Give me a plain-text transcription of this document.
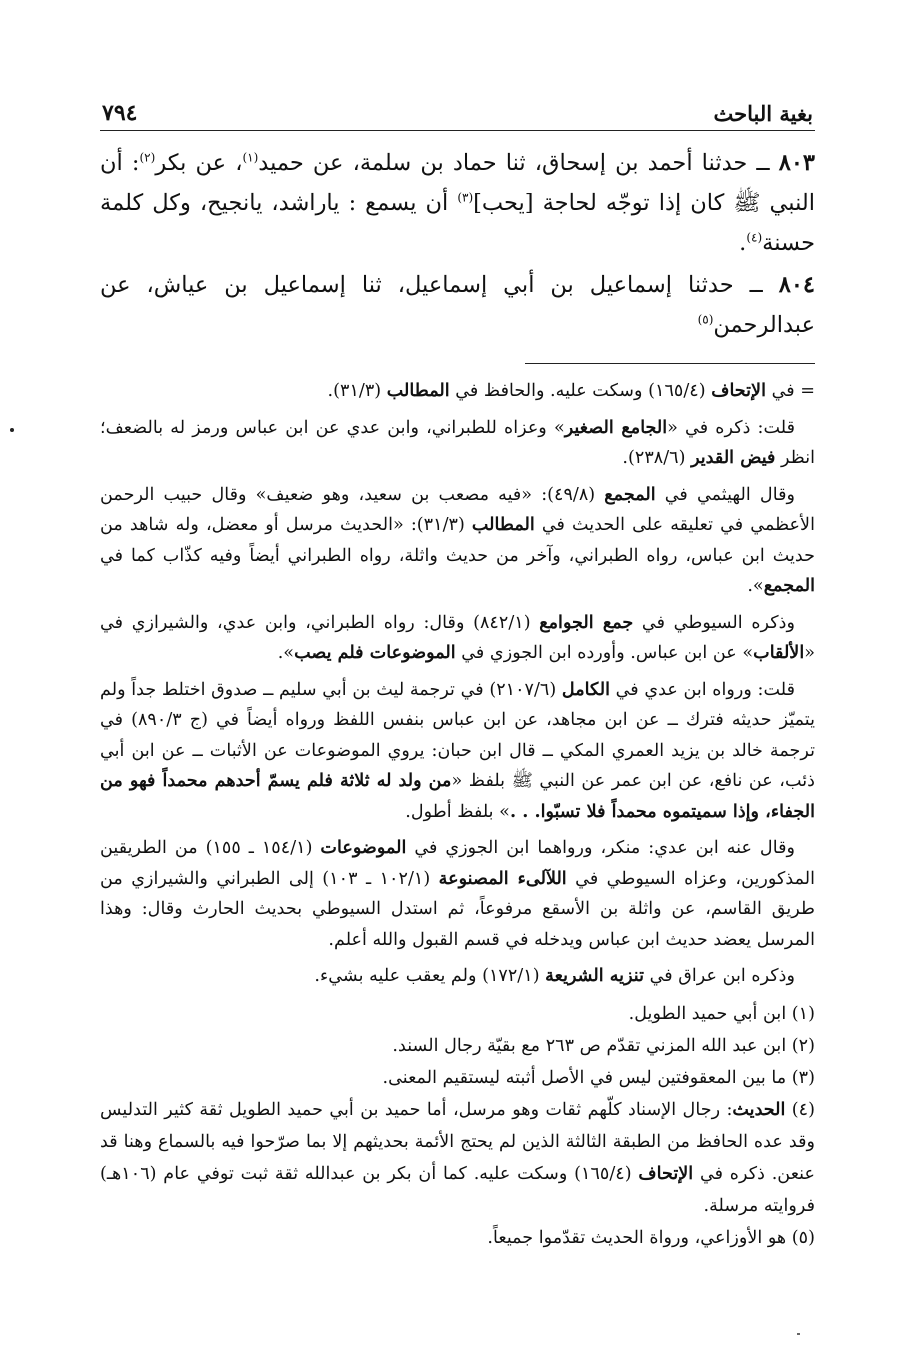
بغية الباحث
٧٩٤

٨٠٣ ــ حدثنا أحمد بن إسحاق، ثنا حماد بن سلمة، عن حميد$^{(١)}$، عن بكر$^{(٢)}$: أن النبي ﷺ كان إذا توجّه لحاجة [يحب]$^{(٣)}$ أن يسمع : ياراشد، يانجيح، وكل كلمة حسنة$^{(٤)}$.

٨٠٤ ــ حدثنا إسماعيل بن أبي إسماعيل، ثنا إسماعيل بن عياش، عن عبدالرحمن$^{(٥)}$

= في الإتحاف (١٦٥/٤) وسكت عليه. والحافظ في المطالب (٣١/٣).

قلت: ذكره في «الجامع الصغير» وعزاه للطبراني، وابن عدي عن ابن عباس ورمز له بالضعف؛ انظر فيض القدير (٢٣٨/٦).

وقال الهيثمي في المجمع (٤٩/٨): «فيه مصعب بن سعيد، وهو ضعيف» وقال حبيب الرحمن الأعظمي في تعليقه على الحديث في المطالب (٣١/٣): «الحديث مرسل أو معضل، وله شاهد من حديث ابن عباس، رواه الطبراني، وآخر من حديث واثلة، رواه الطبراني أيضاً وفيه كذّاب كما في المجمع».

وذكره السيوطي في جمع الجوامع (٨٤٢/١) وقال: رواه الطبراني، وابن عدي، والشيرازي في «الألقاب» عن ابن عباس. وأورده ابن الجوزي في الموضوعات فلم يصب».

قلت: ورواه ابن عدي في الكامل (٢١٠٧/٦) في ترجمة ليث بن أبي سليم ــ صدوق اختلط جداً ولم يتميّز حديثه فترك ــ عن ابن مجاهد، عن ابن عباس بنفس اللفظ ورواه أيضاً في (ج ٨٩٠/٣) في ترجمة خالد بن يزيد العمري المكي ــ قال ابن حبان: يروي الموضوعات عن الأثبات ــ عن ابن أبي ذئب، عن نافع، عن ابن عمر عن النبي ﷺ بلفظ «من ولد له ثلاثة فلم يسمّ أحدهم محمداً فهو من الجفاء، وإذا سميتموه محمداً فلا تسبّوا. . .» بلفظ أطول.

وقال عنه ابن عدي: منكر، ورواهما ابن الجوزي في الموضوعات (١٥٤/١ ـ ١٥٥) من الطريقين المذكورين، وعزاه السيوطي في اللآلىء المصنوعة (١٠٢/١ ـ ١٠٣) إلى الطبراني والشيرازي من طريق القاسم، عن واثلة بن الأسقع مرفوعاً، ثم استدل السيوطي بحديث الحارث وقال: وهذا المرسل يعضد حديث ابن عباس ويدخله في قسم القبول والله أعلم.

وذكره ابن عراق في تنزيه الشريعة (١٧٢/١) ولم يعقب عليه بشيء.

(١) ابن أبي حميد الطويل.

(٢) ابن عبد الله المزني تقدّم ص ٢٦٣ مع بقيّة رجال السند.

(٣) ما بين المعقوفتين ليس في الأصل أثبته ليستقيم المعنى.

(٤) الحديث: رجال الإسناد كلّهم ثقات وهو مرسل، أما حميد بن أبي حميد الطويل ثقة كثير التدليس وقد عده الحافظ من الطبقة الثالثة الذين لم يحتج الأئمة بحديثهم إلا بما صرّحوا فيه بالسماع وهنا قد عنعن. ذكره في الإتحاف (١٦٥/٤) وسكت عليه. كما أن بكر بن عبدالله ثقة ثبت توفي عام (١٠٦هـ) فروايته مرسلة.

(٥) هو الأوزاعي، ورواة الحديث تقدّموا جميعاً.
